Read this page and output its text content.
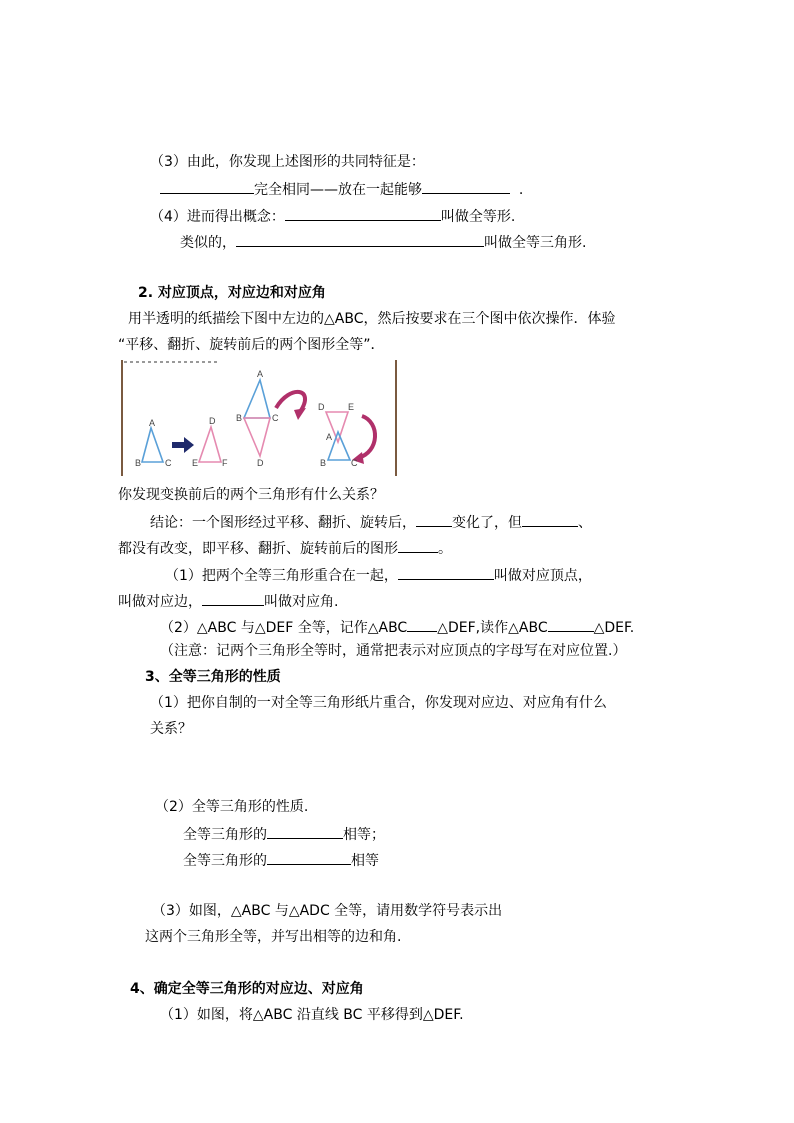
（3）由此，你发现上述图形的共同特征是：
完全相同——放在一起能够	.
（4）进而得出概念：	叫做全等形.
类似的，	叫做全等三角形.
2. 对应顶点，对应边和对应角
用半透明的纸描绘下图中左边的△ABC，然后按要求在三个图中依次操作．体验
“平移、翻折、旋转前后的两个图形全等”．
A
B	C
D
E	F
A
B	C
D
D	E
A
B	C
你发现变换前后的两个三角形有什么关系？
结论：一个图形经过平移、翻折、旋转后，	变化了，但	、
都没有改变，即平移、翻折、旋转前后的图形	。
（1）把两个全等三角形重合在一起，	叫做对应顶点，
叫做对应边，	叫做对应角.
（2）△ABC 与△DEF 全等，记作△ABC △DEF,读作△ABC	△DEF.
（注意：记两个三角形全等时，通常把表示对应顶点的字母写在对应位置.）
3、全等三角形的性质
（1）把你自制的一对全等三角形纸片重合，你发现对应边、对应角有什么
关系？
（2）全等三角形的性质.
全等三角形的	相等；
全等三角形的	相等
（3）如图，△ABC 与△ADC 全等，请用数学符号表示出
这两个三角形全等，并写出相等的边和角.
4、确定全等三角形的对应边、对应角
（1）如图，将△ABC 沿直线 BC 平移得到△DEF.
